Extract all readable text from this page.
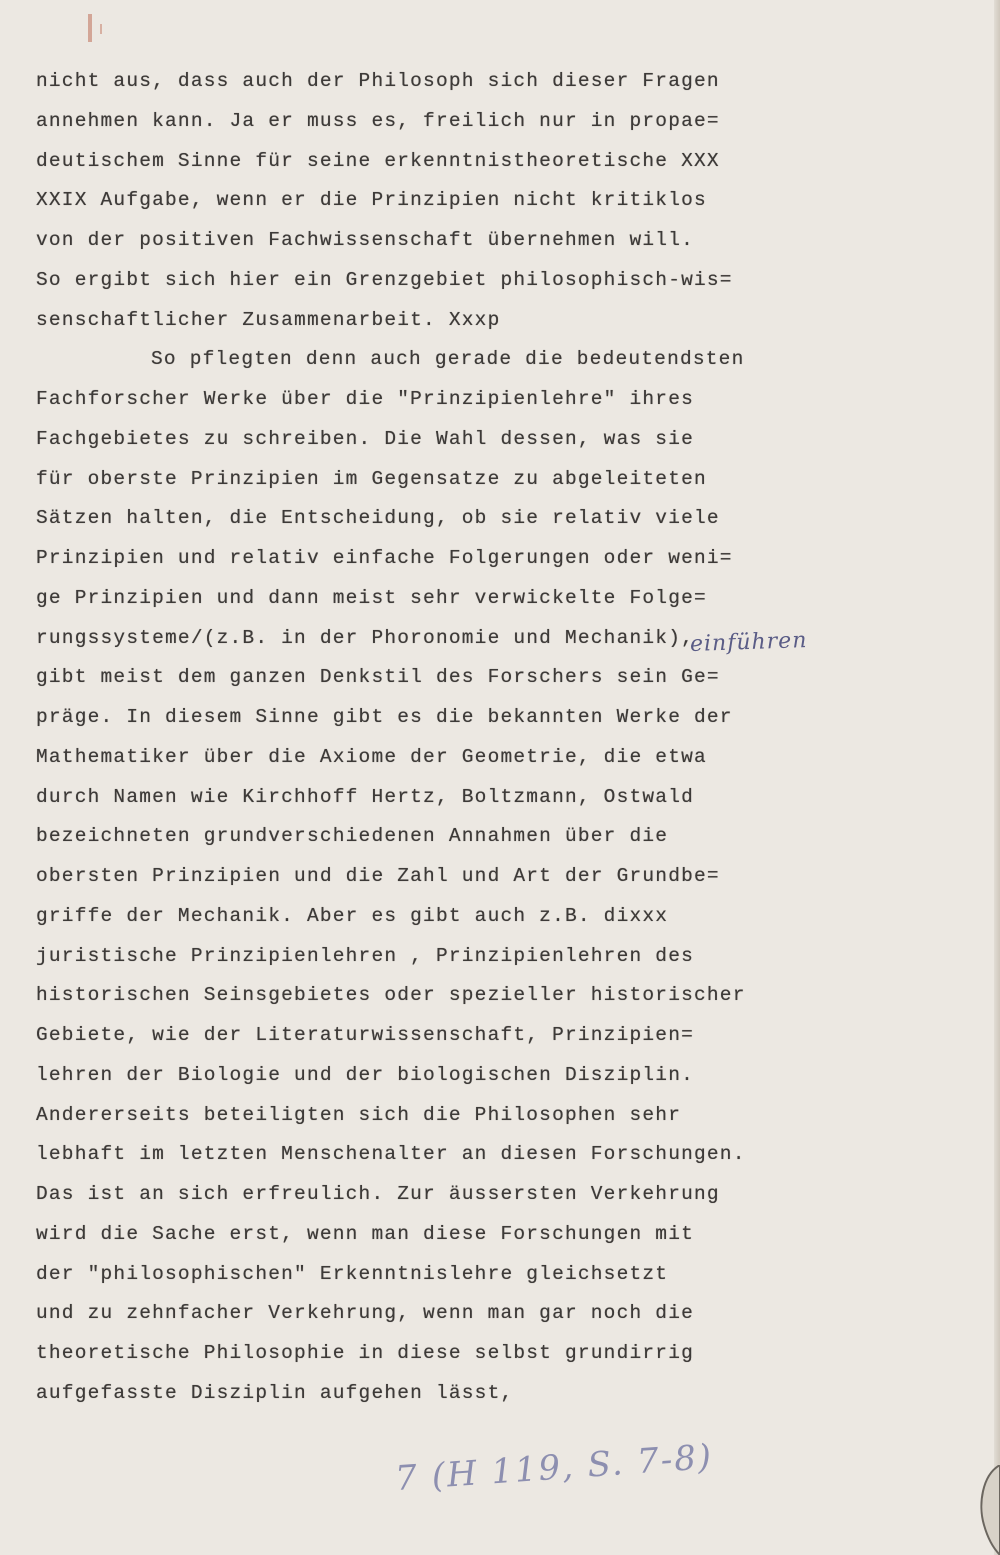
nicht aus, dass auch der Philosoph sich dieser Fragen
annehmen kann. Ja er muss es, freilich nur in propae=
deutischem Sinne für seine erkenntnistheoretische XXX
XXIX Aufgabe, wenn er die Prinzipien nicht kritiklos
von der positiven Fachwissenschaft übernehmen will.
So ergibt sich hier ein Grenzgebiet philosophisch-wis=
senschaftlicher Zusammenarbeit. Xxxp
So pflegten denn auch gerade die bedeutendsten
Fachforscher Werke über die "Prinzipienlehre" ihres
Fachgebietes zu schreiben. Die Wahl dessen, was sie
für oberste Prinzipien im Gegensatze zu abgeleiteten
Sätzen halten, die Entscheidung, ob sie relativ viele
Prinzipien und relativ einfache Folgerungen oder weni=
ge Prinzipien und dann meist sehr verwickelte Folge=
rungssysteme/(z.B. in der Phoronomie und Mechanik),
gibt meist dem ganzen Denkstil des Forschers sein Ge=
präge. In diesem Sinne gibt es die bekannten Werke der
Mathematiker über die Axiome der Geometrie, die etwa
durch Namen wie Kirchhoff Hertz, Boltzmann, Ostwald
bezeichneten grundverschiedenen Annahmen über die
obersten Prinzipien und die Zahl und Art der Grundbe=
griffe der Mechanik. Aber es gibt auch z.B. dixxx
juristische Prinzipienlehren , Prinzipienlehren des
historischen Seinsgebietes oder spezieller historischer
Gebiete, wie der Literaturwissenschaft, Prinzipien=
lehren der Biologie und der biologischen Disziplin.
Andererseits beteiligten sich die Philosophen sehr
lebhaft im letzten Menschenalter an diesen Forschungen.
Das ist an sich erfreulich. Zur äussersten Verkehrung
wird die Sache erst, wenn man diese Forschungen mit
der "philosophischen" Erkenntnislehre gleichsetzt
und zu zehnfacher Verkehrung, wenn man gar noch die
theoretische Philosophie in diese selbst grundirrig
aufgefasste Disziplin aufgehen lässt,
einführen
7 (H 119, S. 7-8)
